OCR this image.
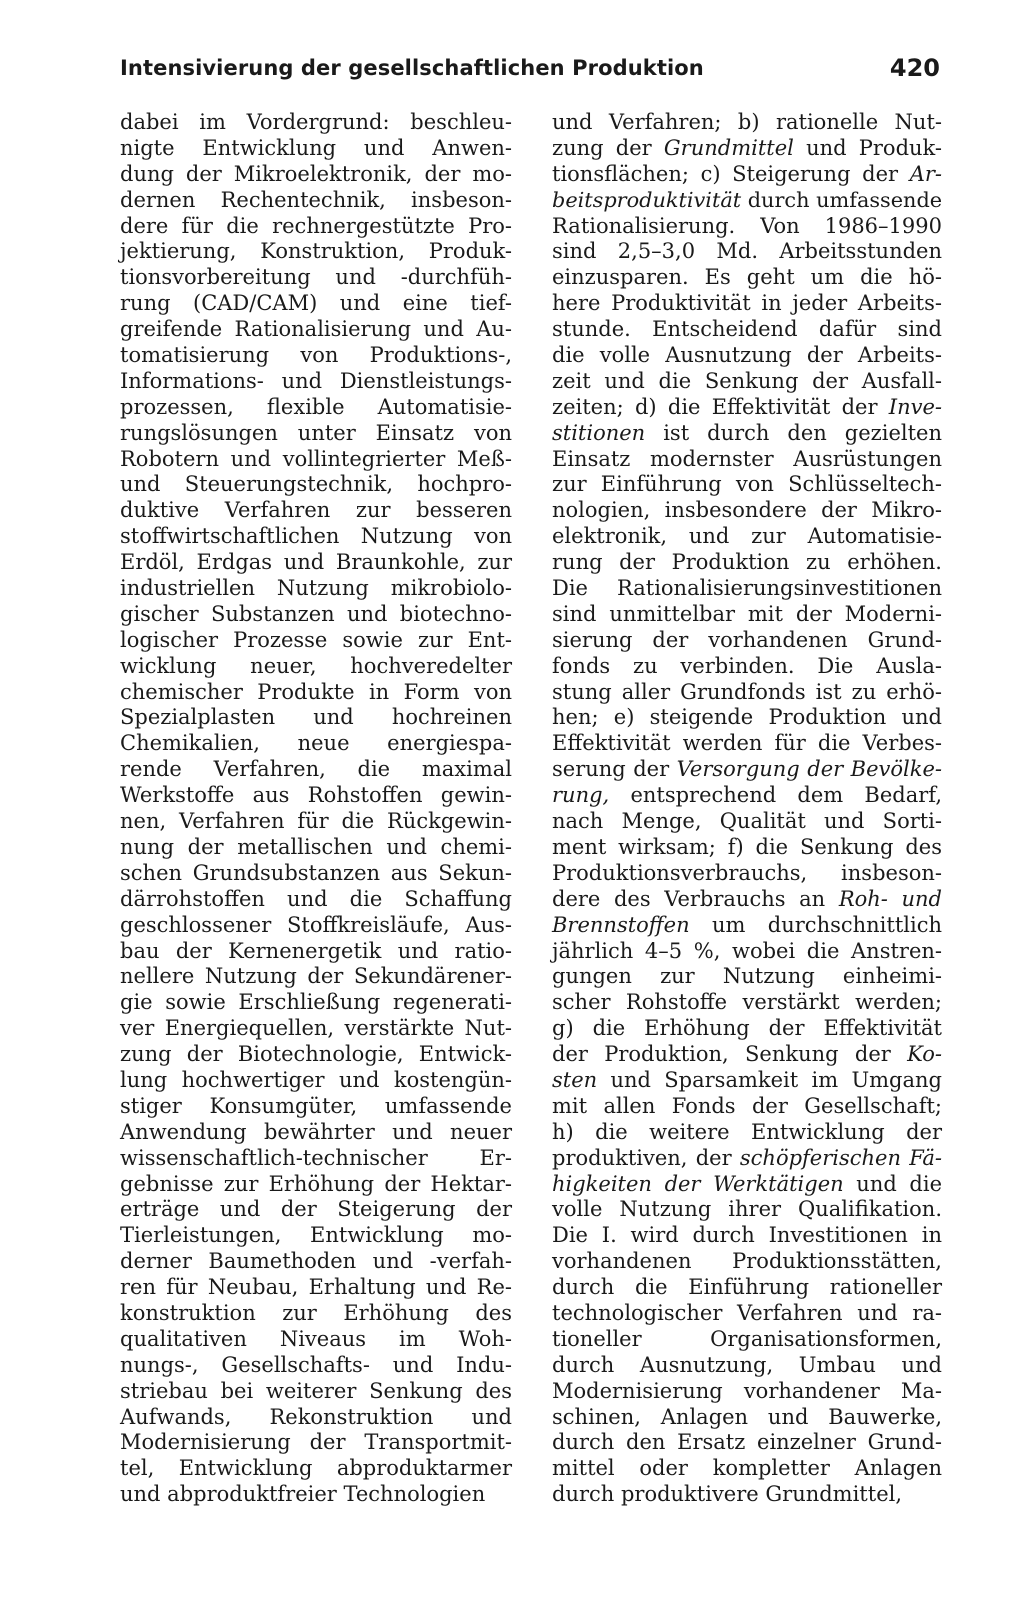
Intensivierung der gesellschaftlichen Produktion	420
dabei im Vordergrund: beschleu-
nigte Entwicklung und Anwen-
dung der Mikroelektronik, der mo-
dernen Rechentechnik, insbeson-
dere für die rechnergestützte Pro-
jektierung, Konstruktion, Produk-
tionsvorbereitung und -durchfüh-
rung (CAD/CAM) und eine tief-
greifende Rationalisierung und Au-
tomatisierung von Produktions-,
Informations- und Dienstleistungs-
prozessen, flexible Automatisie-
rungslösungen unter Einsatz von
Robotern und vollintegrierter Meß-
und Steuerungstechnik, hochpro-
duktive Verfahren zur besseren
stoffwirtschaftlichen Nutzung von
Erdöl, Erdgas und Braunkohle, zur
industriellen Nutzung mikrobiolo-
gischer Substanzen und biotechno-
logischer Prozesse sowie zur Ent-
wicklung neuer, hochveredelter
chemischer Produkte in Form von
Spezialplasten und hochreinen
Chemikalien, neue energiespa-
rende Verfahren, die maximal
Werkstoffe aus Rohstoffen gewin-
nen, Verfahren für die Rückgewin-
nung der metallischen und chemi-
schen Grundsubstanzen aus Sekun-
därrohstoffen und die Schaffung
geschlossener Stoffkreisläufe, Aus-
bau der Kernenergetik und ratio-
nellere Nutzung der Sekundärener-
gie sowie Erschließung regenerati-
ver Energiequellen, verstärkte Nut-
zung der Biotechnologie, Entwick-
lung hochwertiger und kostengün-
stiger Konsumgüter, umfassende
Anwendung bewährter und neuer
wissenschaftlich-technischer Er-
gebnisse zur Erhöhung der Hektar-
erträge und der Steigerung der
Tierleistungen, Entwicklung mo-
derner Baumethoden und -verfah-
ren für Neubau, Erhaltung und Re-
konstruktion zur Erhöhung des
qualitativen Niveaus im Woh-
nungs-, Gesellschafts- und Indu-
striebau bei weiterer Senkung des
Aufwands, Rekonstruktion und
Modernisierung der Transportmit-
tel, Entwicklung abproduktarmer
und abproduktfreier Technologien
und Verfahren; b) rationelle Nut-
zung der Grundmittel und Produk-
tionsflächen; c) Steigerung der Ar-
beitsproduktivität durch umfassende
Rationalisierung. Von 1986–1990
sind 2,5–3,0 Md. Arbeitsstunden
einzusparen. Es geht um die hö-
here Produktivität in jeder Arbeits-
stunde. Entscheidend dafür sind
die volle Ausnutzung der Arbeits-
zeit und die Senkung der Ausfall-
zeiten; d) die Effektivität der Inve-
stitionen ist durch den gezielten
Einsatz modernster Ausrüstungen
zur Einführung von Schlüsseltech-
nologien, insbesondere der Mikro-
elektronik, und zur Automatisie-
rung der Produktion zu erhöhen.
Die Rationalisierungsinvestitionen
sind unmittelbar mit der Moderni-
sierung der vorhandenen Grund-
fonds zu verbinden. Die Ausla-
stung aller Grundfonds ist zu erhö-
hen; e) steigende Produktion und
Effektivität werden für die Verbes-
serung der Versorgung der Bevölke-
rung, entsprechend dem Bedarf,
nach Menge, Qualität und Sorti-
ment wirksam; f) die Senkung des
Produktionsverbrauchs, insbeson-
dere des Verbrauchs an Roh- und
Brennstoffen um durchschnittlich
jährlich 4–5 %, wobei die Anstren-
gungen zur Nutzung einheimi-
scher Rohstoffe verstärkt werden;
g) die Erhöhung der Effektivität
der Produktion, Senkung der Ko-
sten und Sparsamkeit im Umgang
mit allen Fonds der Gesellschaft;
h) die weitere Entwicklung der
produktiven, der schöpferischen Fä-
higkeiten der Werktätigen und die
volle Nutzung ihrer Qualifikation.
Die I. wird durch Investitionen in
vorhandenen Produktionsstätten,
durch die Einführung rationeller
technologischer Verfahren und ra-
tioneller Organisationsformen,
durch Ausnutzung, Umbau und
Modernisierung vorhandener Ma-
schinen, Anlagen und Bauwerke,
durch den Ersatz einzelner Grund-
mittel oder kompletter Anlagen
durch produktivere Grundmittel,
